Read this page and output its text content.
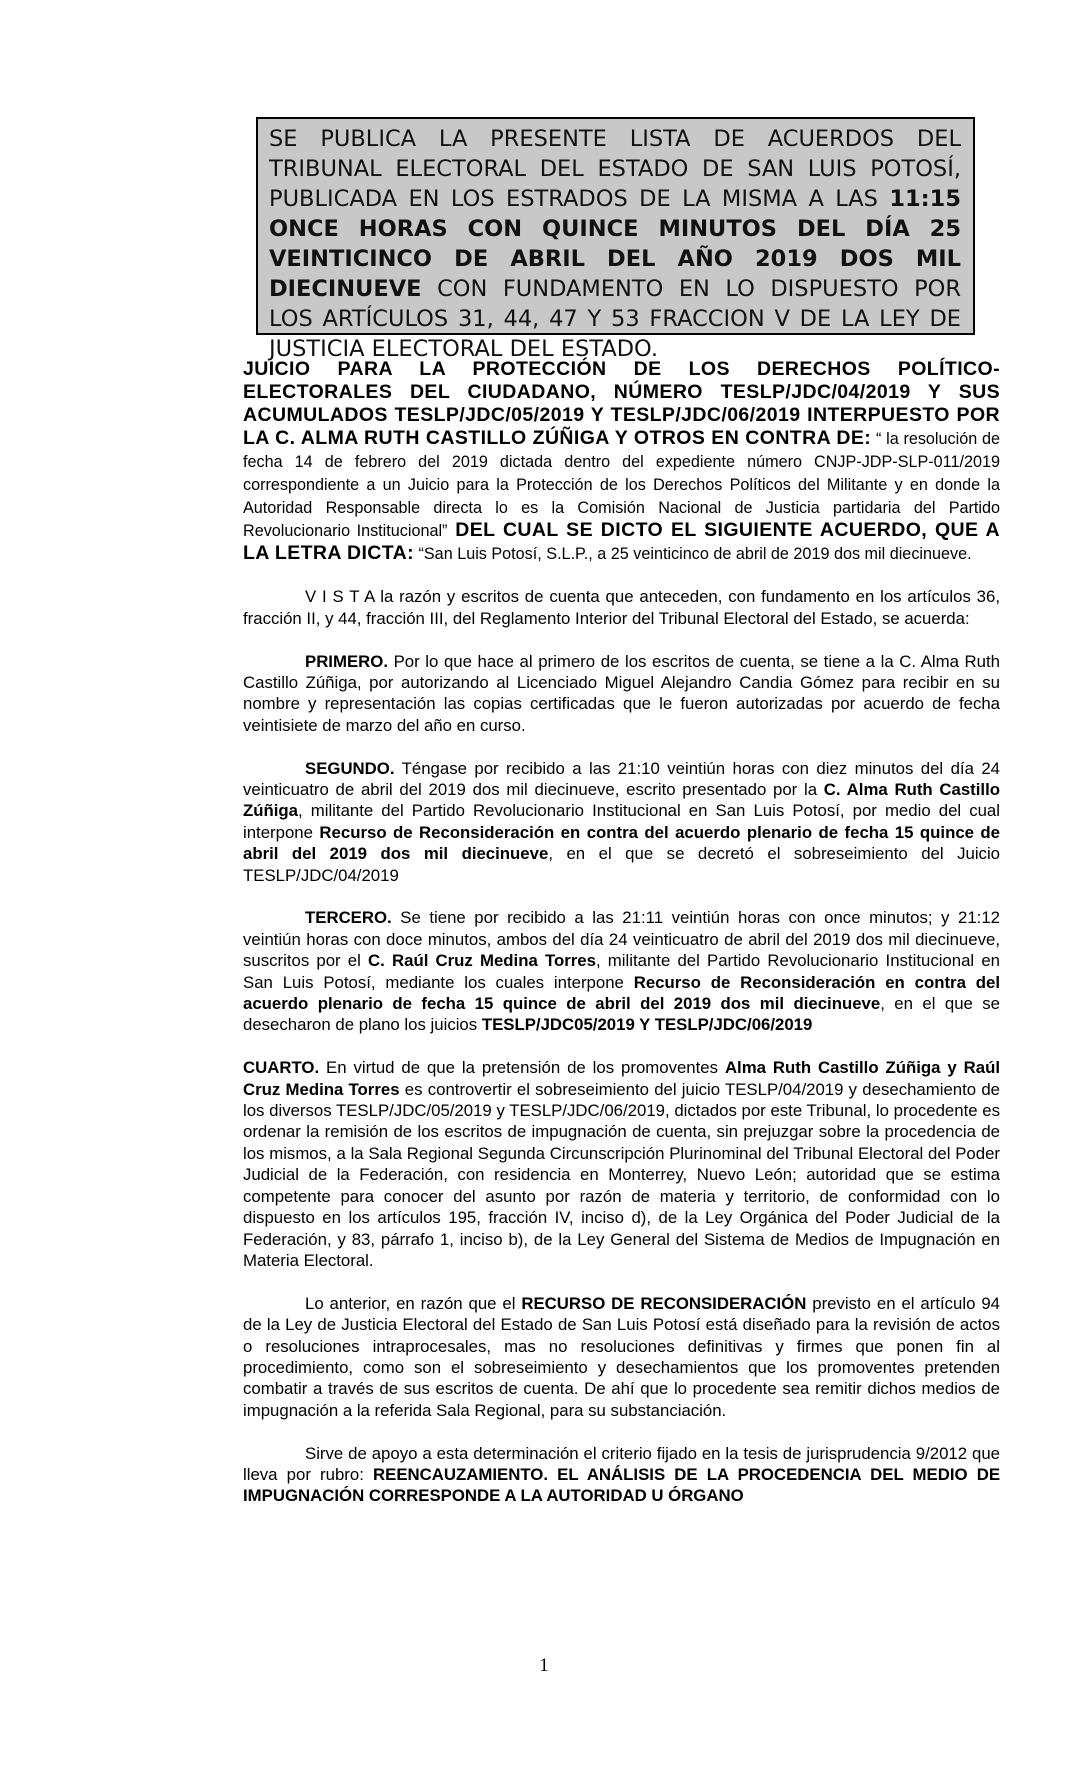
SE PUBLICA LA PRESENTE LISTA DE ACUERDOS DEL TRIBUNAL ELECTORAL DEL ESTADO DE SAN LUIS POTOSÍ, PUBLICADA EN LOS ESTRADOS DE LA MISMA A LAS 11:15 ONCE HORAS CON QUINCE MINUTOS DEL DÍA 25 VEINTICINCO DE ABRIL DEL AÑO 2019 DOS MIL DIECINUEVE CON FUNDAMENTO EN LO DISPUESTO POR LOS ARTÍCULOS 31, 44, 47 Y 53 FRACCION V DE LA LEY DE JUSTICIA ELECTORAL DEL ESTADO.

JUICIO PARA LA PROTECCIÓN DE LOS DERECHOS POLÍTICO-ELECTORALES DEL CIUDADANO, NÚMERO TESLP/JDC/04/2019 Y SUS ACUMULADOS TESLP/JDC/05/2019 Y TESLP/JDC/06/2019 INTERPUESTO POR LA C. ALMA RUTH CASTILLO ZÚÑIGA Y OTROS EN CONTRA DE: “ la resolución de fecha 14 de febrero del 2019 dictada dentro del expediente número CNJP-JDP-SLP-011/2019 correspondiente a un Juicio para la Protección de los Derechos Políticos del Militante y en donde la Autoridad Responsable directa lo es la Comisión Nacional de Justicia partidaria del Partido Revolucionario Institucional” DEL CUAL SE DICTO EL SIGUIENTE ACUERDO, QUE A LA LETRA DICTA: “San Luis Potosí, S.L.P., a 25 veinticinco de abril de 2019 dos mil diecinueve.

V I S T A la razón y escritos de cuenta que anteceden, con fundamento en los artículos 36, fracción II, y 44, fracción III, del Reglamento Interior del Tribunal Electoral del Estado, se acuerda:

PRIMERO. Por lo que hace al primero de los escritos de cuenta, se tiene a la C. Alma Ruth Castillo Zúñiga, por autorizando al Licenciado Miguel Alejandro Candia Gómez para recibir en su nombre y representación las copias certificadas que le fueron autorizadas por acuerdo de fecha veintisiete de marzo del año en curso.

SEGUNDO. Téngase por recibido a las 21:10 veintiún horas con diez minutos del día 24 veinticuatro de abril del 2019 dos mil diecinueve, escrito presentado por la C. Alma Ruth Castillo Zúñiga, militante del Partido Revolucionario Institucional en San Luis Potosí, por medio del cual interpone Recurso de Reconsideración en contra del acuerdo plenario de fecha 15 quince de abril del 2019 dos mil diecinueve, en el que se decretó el sobreseimiento del Juicio TESLP/JDC/04/2019

TERCERO. Se tiene por recibido a las 21:11 veintiún horas con once minutos; y 21:12 veintiún horas con doce minutos, ambos del día 24 veinticuatro de abril del 2019 dos mil diecinueve, suscritos por el C. Raúl Cruz Medina Torres, militante del Partido Revolucionario Institucional en San Luis Potosí, mediante los cuales interpone Recurso de Reconsideración en contra del acuerdo plenario de fecha 15 quince de abril del 2019 dos mil diecinueve, en el que se desecharon de plano los juicios TESLP/JDC05/2019 Y TESLP/JDC/06/2019

CUARTO. En virtud de que la pretensión de los promoventes Alma Ruth Castillo Zúñiga y Raúl Cruz Medina Torres es controvertir el sobreseimiento del juicio TESLP/04/2019 y desechamiento de los diversos TESLP/JDC/05/2019 y TESLP/JDC/06/2019, dictados por este Tribunal, lo procedente es ordenar la remisión de los escritos de impugnación de cuenta, sin prejuzgar sobre la procedencia de los mismos, a la Sala Regional Segunda Circunscripción Plurinominal del Tribunal Electoral del Poder Judicial de la Federación, con residencia en Monterrey, Nuevo León; autoridad que se estima competente para conocer del asunto por razón de materia y territorio, de conformidad con lo dispuesto en los artículos 195, fracción IV, inciso d), de la Ley Orgánica del Poder Judicial de la Federación, y 83, párrafo 1, inciso b), de la Ley General del Sistema de Medios de Impugnación en Materia Electoral.

Lo anterior, en razón que el RECURSO DE RECONSIDERACIÓN previsto en el artículo 94 de la Ley de Justicia Electoral del Estado de San Luis Potosí está diseñado para la revisión de actos o resoluciones intraprocesales, mas no resoluciones definitivas y firmes que ponen fin al procedimiento, como son el sobreseimiento y desechamientos que los promoventes pretenden combatir a través de sus escritos de cuenta. De ahí que lo procedente sea remitir dichos medios de impugnación a la referida Sala Regional, para su substanciación.

Sirve de apoyo a esta determinación el criterio fijado en la tesis de jurisprudencia 9/2012 que lleva por rubro: REENCAUZAMIENTO. EL ANÁLISIS DE LA PROCEDENCIA DEL MEDIO DE IMPUGNACIÓN CORRESPONDE A LA AUTORIDAD U ÓRGANO

1
